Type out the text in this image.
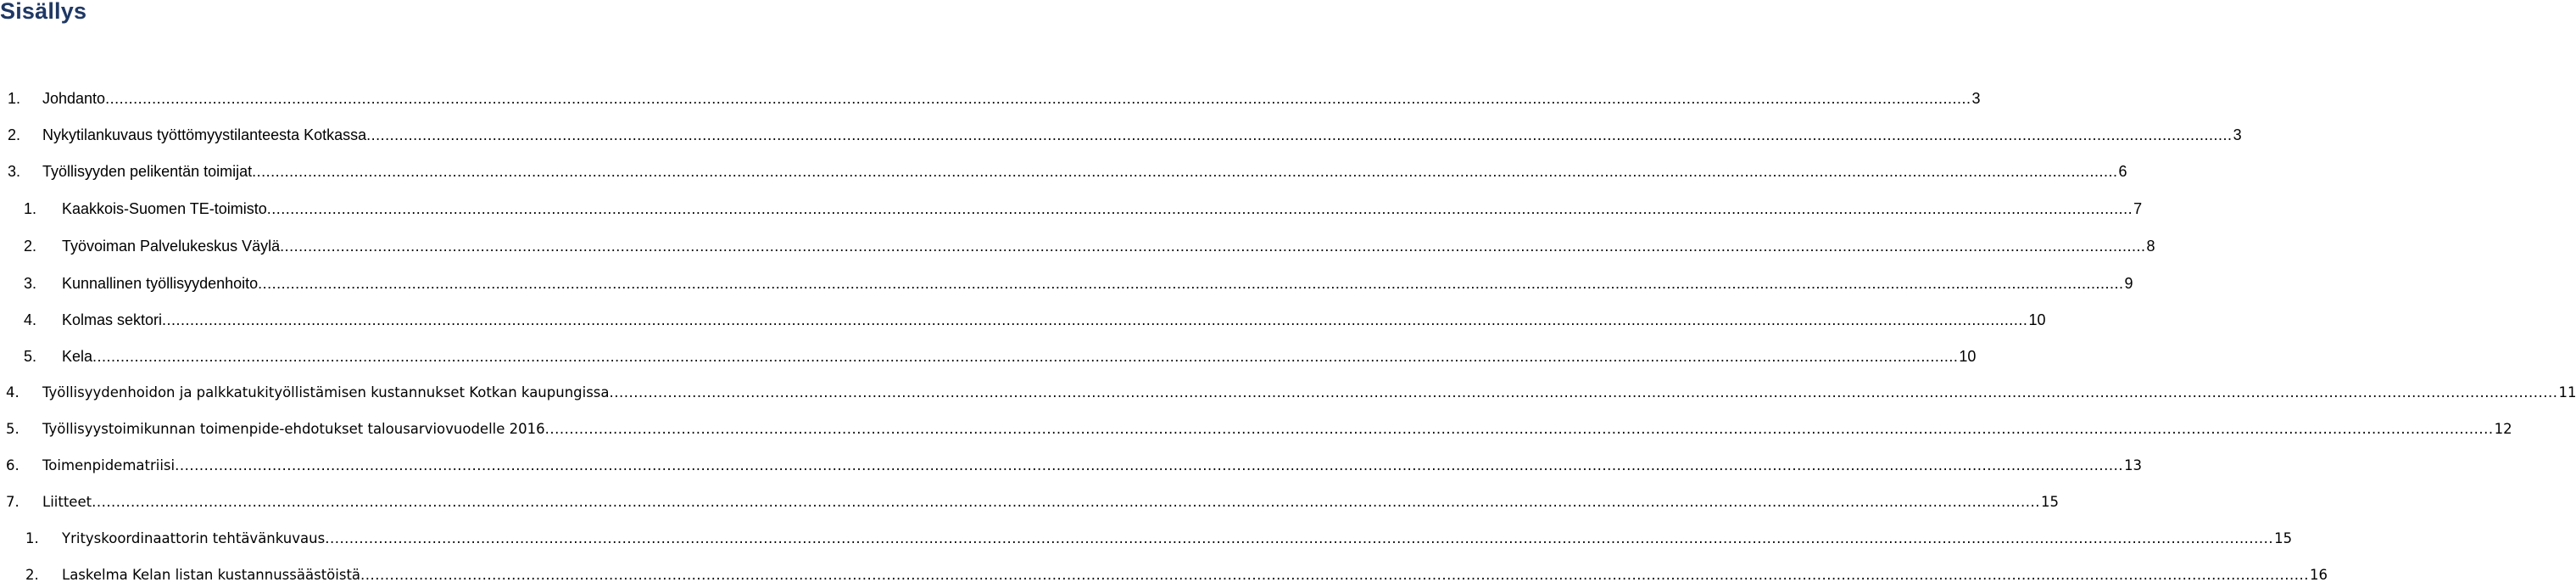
Sisällys
1. Johdanto ................................................................................................................................................................................................................................................................................................................................................................................................................ 3
2. Nykytilankuvaus työttömyystilanteesta Kotkassa ................................................................................................................................................................................................................................................................................................................................................................................................................ 3
3. Työllisyyden pelikentän toimijat ................................................................................................................................................................................................................................................................................................................................................................................................................ 6
1. Kaakkois-Suomen TE-toimisto ................................................................................................................................................................................................................................................................................................................................................................................................................ 7
2. Työvoiman Palvelukeskus Väylä ................................................................................................................................................................................................................................................................................................................................................................................................................ 8
3. Kunnallinen työllisyydenhoito ................................................................................................................................................................................................................................................................................................................................................................................................................ 9
4. Kolmas sektori ................................................................................................................................................................................................................................................................................................................................................................................................................ 10
5. Kela ................................................................................................................................................................................................................................................................................................................................................................................................................ 10
4. Työllisyydenhoidon ja palkkatukityöllistämisen kustannukset Kotkan kaupungissa ................................................................................................................................................................................................................................................................................................................................................................................................................ 11
5. Työllisyystoimikunnan toimenpide-ehdotukset talousarviovuodelle 2016 ................................................................................................................................................................................................................................................................................................................................................................................................................ 12
6. Toimenpidematriisi ................................................................................................................................................................................................................................................................................................................................................................................................................ 13
7. Liitteet ................................................................................................................................................................................................................................................................................................................................................................................................................ 15
1. Yrityskoordinaattorin tehtävänkuvaus ................................................................................................................................................................................................................................................................................................................................................................................................................ 15
2. Laskelma Kelan listan kustannussäästöistä ................................................................................................................................................................................................................................................................................................................................................................................................................ 16
